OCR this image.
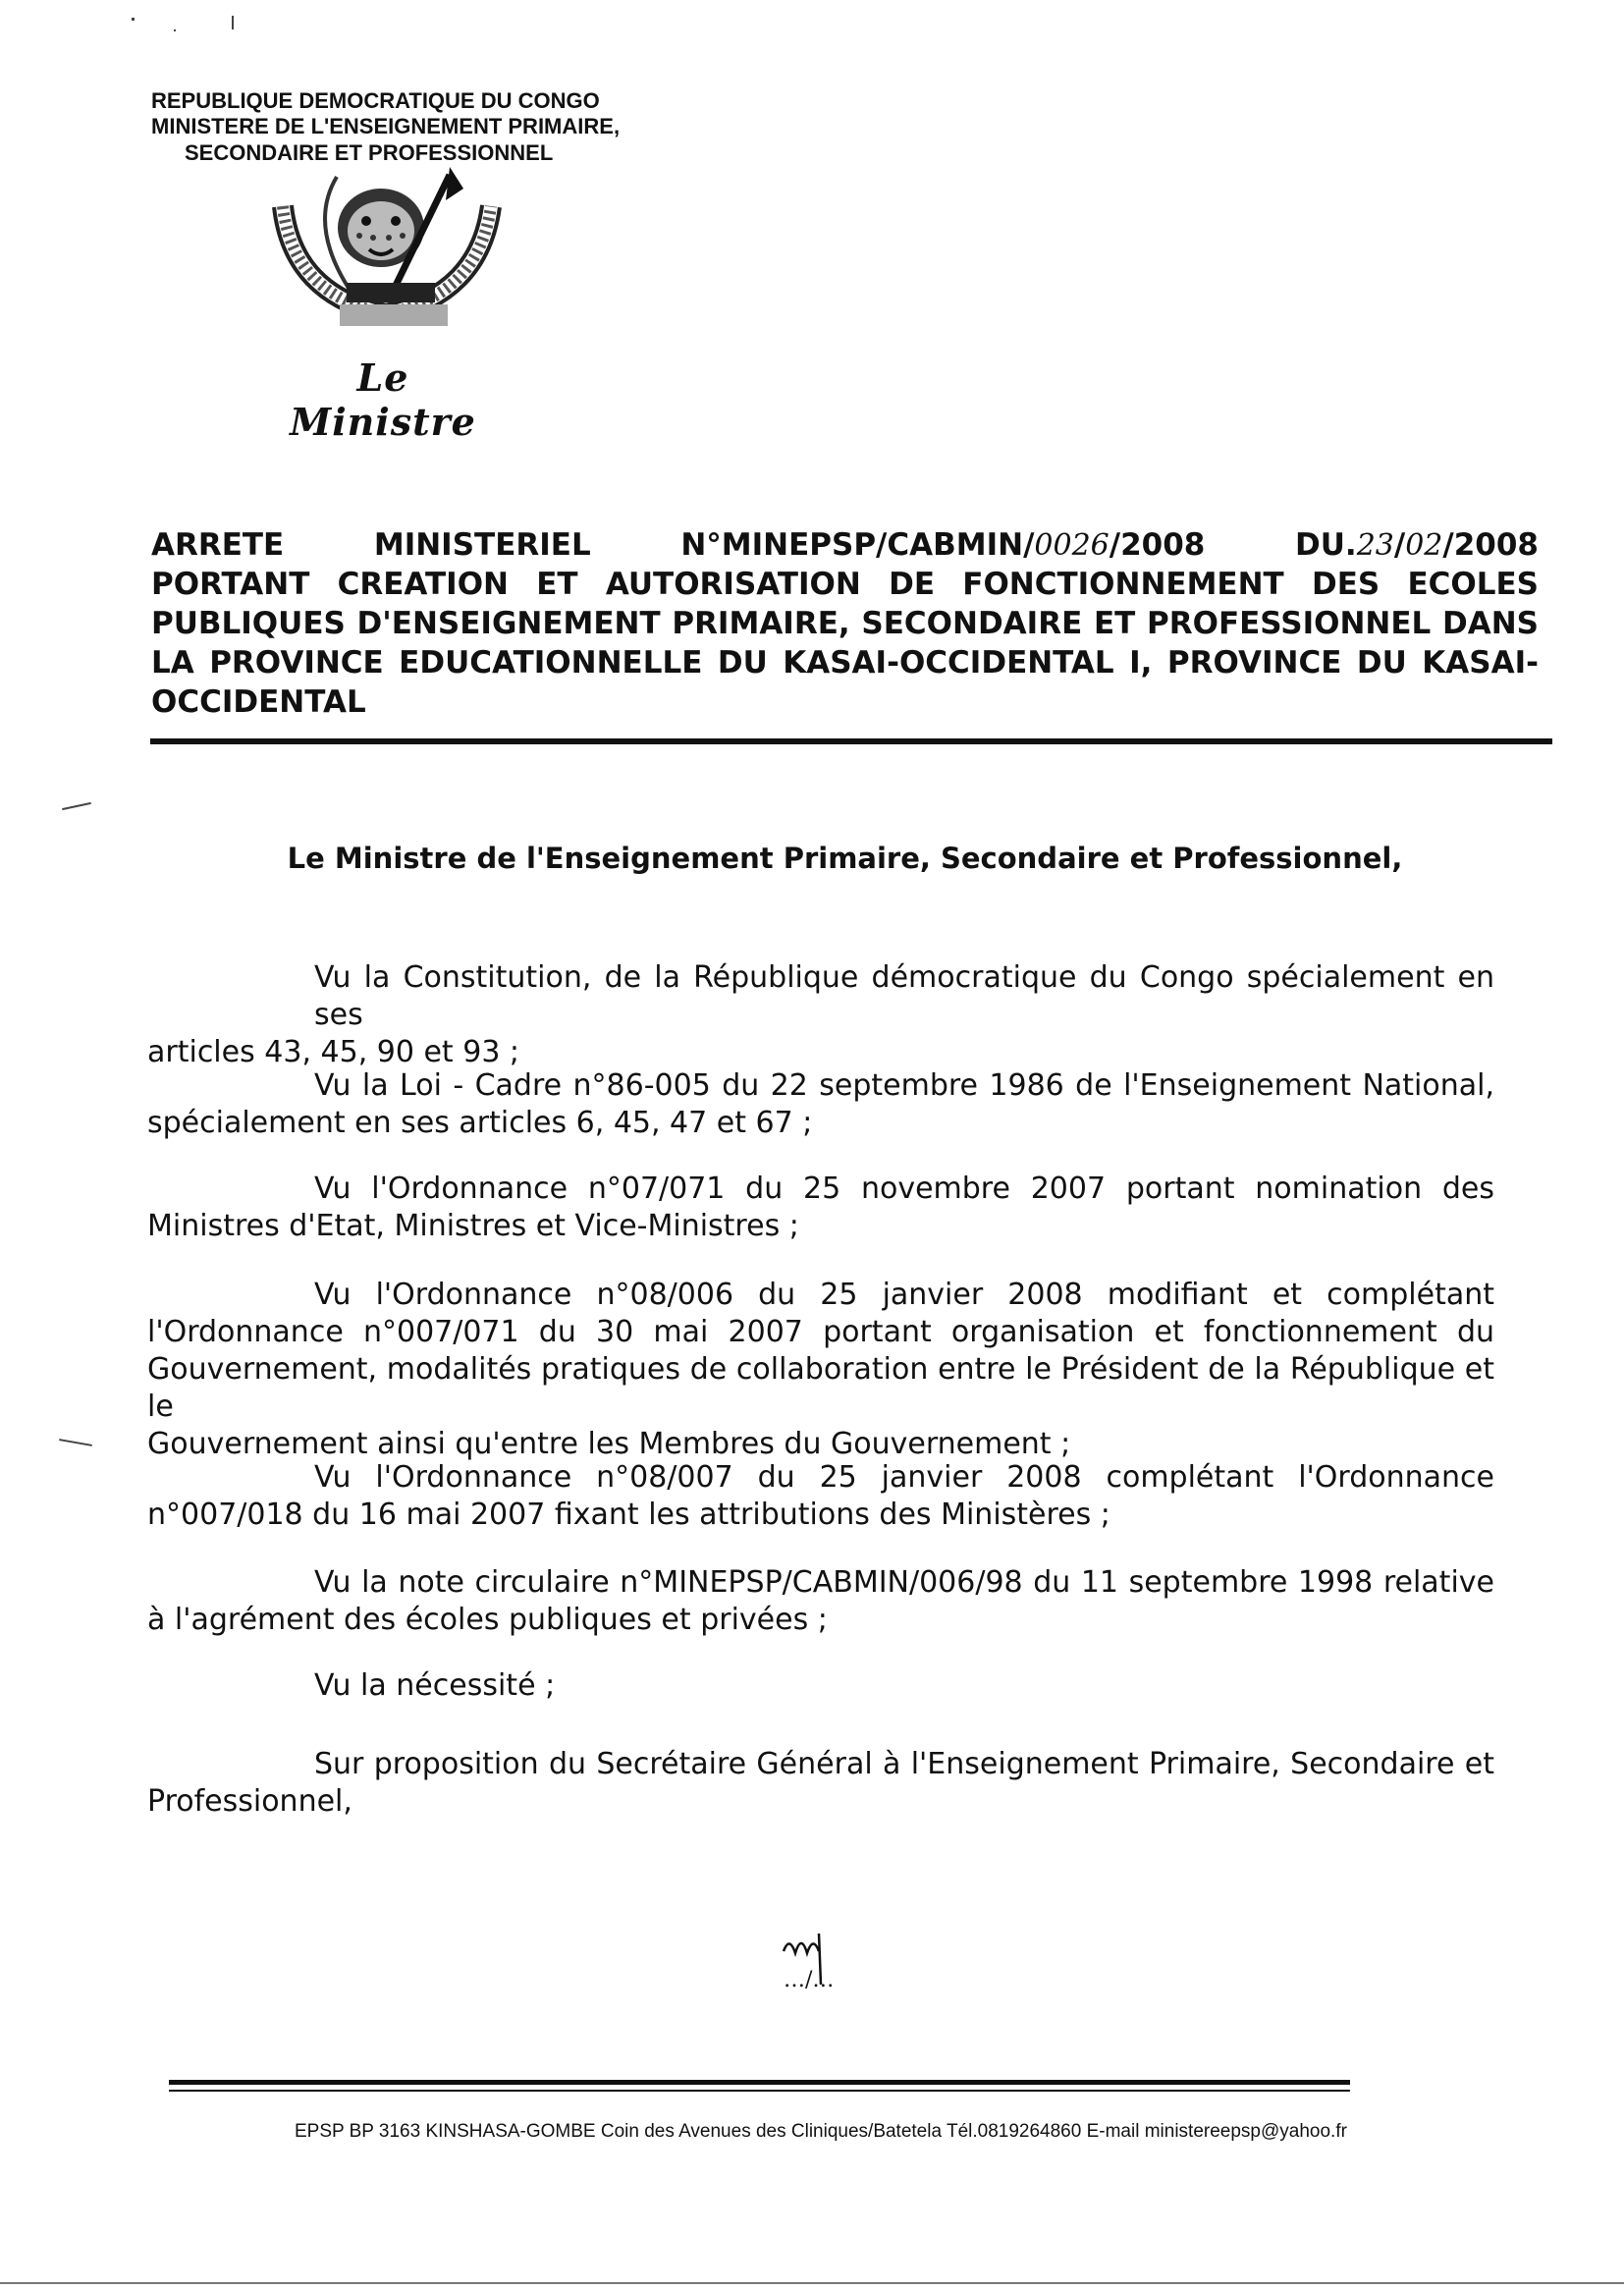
REPUBLIQUE DEMOCRATIQUE DU CONGO
MINISTERE DE L'ENSEIGNEMENT PRIMAIRE,
SECONDAIRE ET PROFESSIONNEL
Le Ministre
ARRETE	MINISTERIEL	N°MINEPSP/CABMIN/0026/2008	DU.23/02/2008
PORTANT CREATION ET AUTORISATION DE FONCTIONNEMENT DES ECOLES
PUBLIQUES D'ENSEIGNEMENT PRIMAIRE, SECONDAIRE ET PROFESSIONNEL DANS
LA PROVINCE EDUCATIONNELLE DU KASAI-OCCIDENTAL I, PROVINCE DU KASAI-
OCCIDENTAL
Le Ministre de l'Enseignement Primaire, Secondaire et Professionnel,
Vu la Constitution, de la République démocratique du Congo spécialement en ses
articles 43, 45, 90 et 93 ;
Vu la Loi - Cadre n°86-005 du 22 septembre 1986 de l'Enseignement National,
spécialement en ses articles 6, 45, 47 et 67 ;
Vu l'Ordonnance n°07/071 du 25 novembre 2007 portant nomination des
Ministres d'Etat, Ministres et Vice-Ministres ;
Vu l'Ordonnance n°08/006 du 25 janvier 2008 modifiant et complétant
l'Ordonnance n°007/071 du 30 mai 2007 portant organisation et fonctionnement du
Gouvernement, modalités pratiques de collaboration entre le Président de la République et le
Gouvernement ainsi qu'entre les Membres du Gouvernement ;
Vu l'Ordonnance n°08/007 du 25 janvier 2008 complétant l'Ordonnance
n°007/018 du 16 mai 2007 fixant les attributions des Ministères ;
Vu la note circulaire n°MINEPSP/CABMIN/006/98 du 11 septembre 1998 relative
à l'agrément des écoles publiques et privées ;
Vu la nécessité ;
Sur proposition du Secrétaire Général à l'Enseignement Primaire, Secondaire et
Professionnel,
…/…
EPSP BP 3163 KINSHASA-GOMBE Coin des Avenues des Cliniques/Batetela Tél.0819264860 E-mail ministereepsp@yahoo.fr
